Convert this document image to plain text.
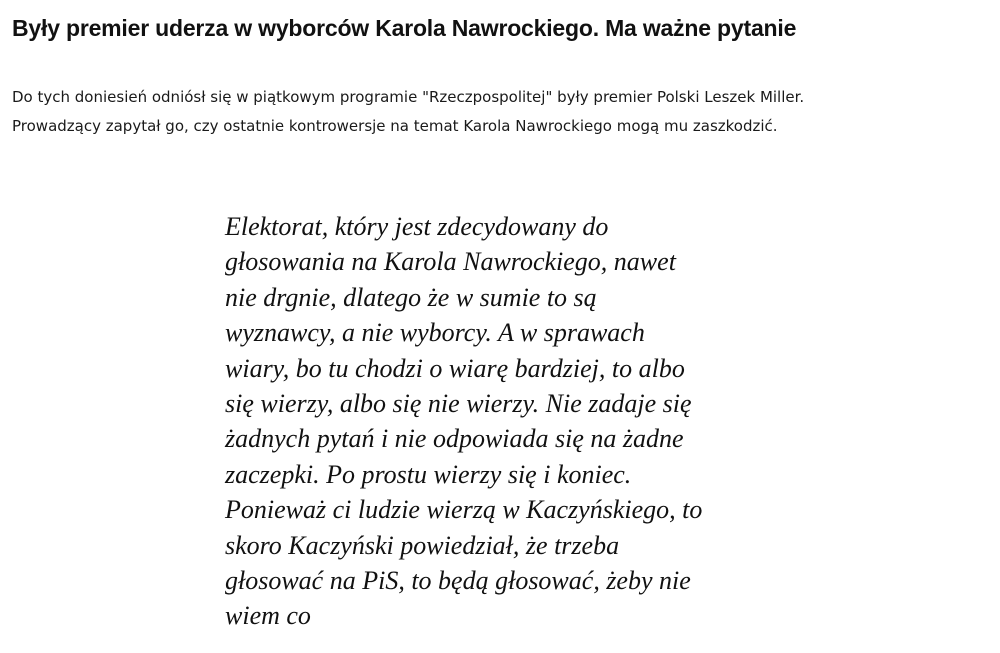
Były premier uderza w wyborców Karola Nawrockiego. Ma ważne pytanie

Do tych doniesień odniósł się w piątkowym programie "Rzeczpospolitej" były premier Polski Leszek Miller.
Prowadzący zapytał go, czy ostatnie kontrowersje na temat Karola Nawrockiego mogą mu zaszkodzić.

Elektorat, który jest zdecydowany do
głosowania na Karola Nawrockiego, nawet
nie drgnie, dlatego że w sumie to są
wyznawcy, a nie wyborcy. A w sprawach
wiary, bo tu chodzi o wiarę bardziej, to albo
się wierzy, albo się nie wierzy. Nie zadaje się
żadnych pytań i nie odpowiada się na żadne
zaczepki. Po prostu wierzy się i koniec.
Ponieważ ci ludzie wierzą w Kaczyńskiego, to
skoro Kaczyński powiedział, że trzeba
głosować na PiS, to będą głosować, żeby nie
wiem co
